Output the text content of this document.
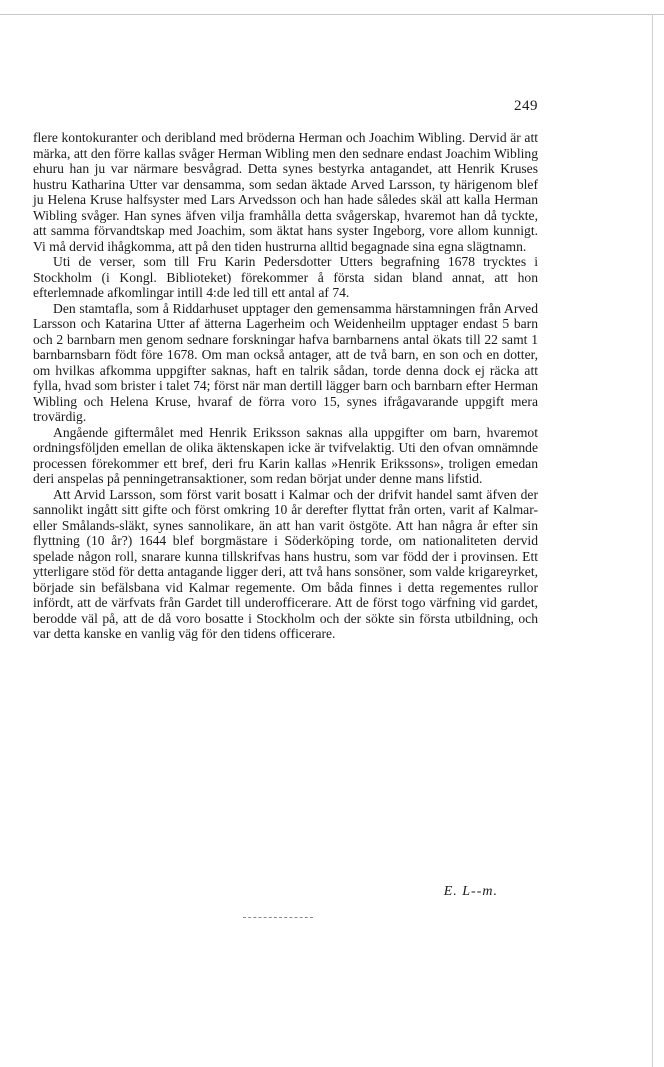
249

flere kontokuranter och deribland med bröderna Herman och Joachim Wibling. Dervid är att märka, att den förre kallas svåger Herman Wibling men den sednare endast Joachim Wibling ehuru han ju var närmare besvågrad. Detta synes bestyrka antagandet, att Henrik Kruses hustru Katharina Utter var densamma, som sedan äktade Arved Larsson, ty härigenom blef ju Helena Kruse halfsyster med Lars Arvedsson och han hade således skäl att kalla Herman Wibling svåger. Han synes äfven vilja framhålla detta svågerskap, hvaremot han då tyckte, att samma förvandtskap med Joachim, som äktat hans syster Ingeborg, vore allom kunnigt. Vi må dervid ihågkomma, att på den tiden hustrurna alltid begagnade sina egna slägtnamn.

Uti de verser, som till Fru Karin Pedersdotter Utters begrafning 1678 trycktes i Stockholm (i Kongl. Biblioteket) förekommer å första sidan bland annat, att hon efterlemnade afkomlingar intill 4:de led till ett antal af 74.

Den stamtafla, som å Riddarhuset upptager den gemensamma härstamningen från Arved Larsson och Katarina Utter af ätterna Lagerheim och Weidenheilm upptager endast 5 barn och 2 barnbarn men genom sednare forskningar hafva barnbarnens antal ökats till 22 samt 1 barnbarnsbarn födt före 1678. Om man också antager, att de två barn, en son och en dotter, om hvilkas afkomma uppgifter saknas, haft en talrik sådan, torde denna dock ej räcka att fylla, hvad som brister i talet 74; först när man dertill lägger barn och barnbarn efter Herman Wibling och Helena Kruse, hvaraf de förra voro 15, synes ifrågavarande uppgift mera trovärdig.

Angående giftermålet med Henrik Eriksson saknas alla uppgifter om barn, hvaremot ordningsföljden emellan de olika äktenskapen icke är tvifvelaktig. Uti den ofvan omnämnde processen förekommer ett bref, deri fru Karin kallas »Henrik Erikssons», troligen emedan deri anspelas på penningetransaktioner, som redan börjat under denne mans lifstid.

Att Arvid Larsson, som först varit bosatt i Kalmar och der drifvit handel samt äfven der sannolikt ingått sitt gifte och först omkring 10 år derefter flyttat från orten, varit af Kalmar- eller Smålands-släkt, synes sannolikare, än att han varit östgöte. Att han några år efter sin flyttning (10 år?) 1644 blef borgmästare i Söderköping torde, om nationaliteten dervid spelade någon roll, snarare kunna tillskrifvas hans hustru, som var född der i provinsen. Ett ytterligare stöd för detta antagande ligger deri, att två hans sonsöner, som valde krigareyrket, började sin befälsbana vid Kalmar regemente. Om båda finnes i detta regementes rullor infördt, att de värfvats från Gardet till underofficerare. Att de först togo värfning vid gardet, berodde väl på, att de då voro bosatte i Stockholm och der sökte sin första utbildning, och var detta kanske en vanlig väg för den tidens officerare.

E. L--m.
